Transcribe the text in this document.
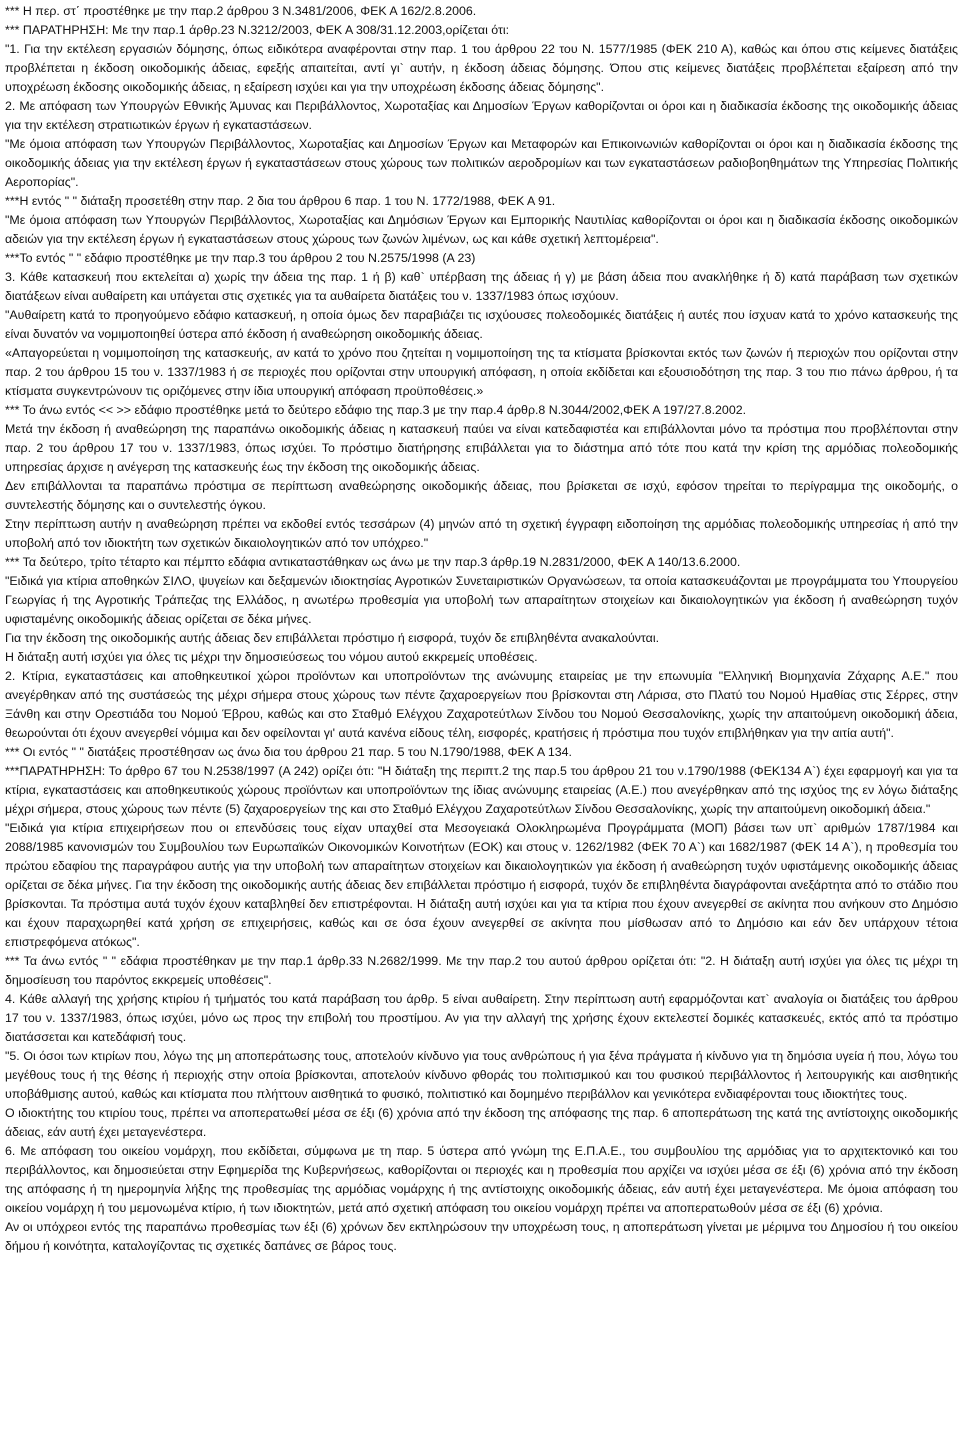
*** Η περ. στ΄ προστέθηκε με την παρ.2 άρθρου 3 Ν.3481/2006, ΦΕΚ Α 162/2.8.2006.

*** ΠΑΡΑΤΗΡΗΣΗ: Με την παρ.1 άρθρ.23 Ν.3212/2003, ΦΕΚ Α 308/31.12.2003,ορίζεται ότι:

"1. Για την εκτέλεση εργασιών δόμησης, όπως ειδικότερα αναφέρονται στην παρ. 1 του άρθρου 22 του Ν. 1577/1985 (ΦΕΚ 210 Α), καθώς και όπου στις κείμενες διατάξεις προβλέπεται η έκδοση οικοδομικής άδειας, εφεξής απαιτείται, αντί γι` αυτήν, η έκδοση άδειας δόμησης. Όπου στις κείμενες διατάξεις προβλέπεται εξαίρεση από την υποχρέωση έκδοσης οικοδομικής άδειας, η εξαίρεση ισχύει και για την υποχρέωση έκδοσης άδειας δόμησης".

2. Με απόφαση των Υπουργών Εθνικής Άμυνας και Περιβάλλοντος, Χωροταξίας και Δημοσίων Έργων καθορίζονται οι όροι και η διαδικασία έκδοσης της οικοδομικής άδειας για την εκτέλεση στρατιωτικών έργων ή εγκαταστάσεων.

"Με όμοια απόφαση των Υπουργών Περιβάλλοντος, Χωροταξίας και Δημοσίων Έργων και Μεταφορών και Επικοινωνιών καθορίζονται οι όροι και η διαδικασία έκδοσης της οικοδομικής άδειας για την εκτέλεση έργων ή εγκαταστάσεων στους χώρους των πολιτικών αεροδρομίων και των εγκαταστάσεων ραδιοβοηθημάτων της Υπηρεσίας Πολιτικής Αεροπορίας".

***Η εντός " " διάταξη προσετέθη στην παρ. 2 δια του άρθρου 6 παρ. 1 του Ν. 1772/1988, ΦΕΚ Α 91.

"Με όμοια απόφαση των Υπουργών Περιβάλλοντος, Χωροταξίας και Δημόσιων Έργων και Εμπορικής Ναυτιλίας καθορίζονται οι όροι και η διαδικασία έκδοσης οικοδομικών αδειών για την εκτέλεση έργων ή εγκαταστάσεων στους χώρους των ζωνών λιμένων, ως και κάθε σχετική λεπτομέρεια".

***Το εντός " " εδάφιο προστέθηκε με την παρ.3 του άρθρου 2 του Ν.2575/1998 (Α 23)

3. Κάθε κατασκευή που εκτελείται α) χωρίς την άδεια της παρ. 1 ή β) καθ` υπέρβαση της άδειας ή γ) με βάση άδεια που ανακλήθηκε ή δ) κατά παράβαση των σχετικών διατάξεων είναι αυθαίρετη και υπάγεται στις σχετικές για τα αυθαίρετα διατάξεις του ν. 1337/1983 όπως ισχύουν.

"Αυθαίρετη κατά το προηγούμενο εδάφιο κατασκευή, η οποία όμως δεν παραβιάζει τις ισχύουσες πολεοδομικές διατάξεις ή αυτές που ίσχυαν κατά το χρόνο κατασκευής της είναι δυνατόν να νομιμοποιηθεί ύστερα από έκδοση ή αναθεώρηση οικοδομικής άδειας.

«Απαγορεύεται η νομιμοποίηση της κατασκευής, αν κατά το χρόνο που ζητείται η νομιμοποίηση της τα κτίσματα βρίσκονται εκτός των ζωνών ή περιοχών που ορίζονται στην παρ. 2 του άρθρου 15 του ν. 1337/1983 ή σε περιοχές που ορίζονται στην υπουργική απόφαση, η οποία εκδίδεται και εξουσιοδότηση της παρ. 3 του πιο πάνω άρθρου, ή τα κτίσματα συγκεντρώνουν τις οριζόμενες στην ίδια υπουργική απόφαση προϋποθέσεις.»

*** Το άνω εντός << >> εδάφιο προστέθηκε μετά το δεύτερο εδάφιο της παρ.3 με την παρ.4 άρθρ.8 Ν.3044/2002,ΦΕΚ Α 197/27.8.2002.

Μετά την έκδοση ή αναθεώρηση της παραπάνω οικοδομικής άδειας η κατασκευή παύει να είναι κατεδαφιστέα και επιβάλλονται μόνο τα πρόστιμα που προβλέπονται στην παρ. 2 του άρθρου 17 του ν. 1337/1983, όπως ισχύει. Το πρόστιμο διατήρησης επιβάλλεται για το διάστημα από τότε που κατά την κρίση της αρμόδιας πολεοδομικής υπηρεσίας άρχισε η ανέγερση της κατασκευής έως την έκδοση της οικοδομικής άδειας.

Δεν επιβάλλονται τα παραπάνω πρόστιμα σε περίπτωση αναθεώρησης οικοδομικής άδειας, που βρίσκεται σε ισχύ, εφόσον τηρείται το περίγραμμα της οικοδομής, ο συντελεστής δόμησης και ο συντελεστής όγκου.

Στην περίπτωση αυτήν η αναθεώρηση πρέπει να εκδοθεί εντός τεσσάρων (4) μηνών από τη σχετική έγγραφη ειδοποίηση της αρμόδιας πολεοδομικής υπηρεσίας ή από την υποβολή από τον ιδιοκτήτη των σχετικών δικαιολογητικών από τον υπόχρεο."

*** Τα δεύτερο, τρίτο τέταρτο και πέμπτο εδάφια αντικαταστάθηκαν ως άνω με την παρ.3 άρθρ.19 Ν.2831/2000, ΦΕΚ Α 140/13.6.2000.

"Ειδικά για κτίρια αποθηκών ΣΙΛΟ, ψυγείων και δεξαμενών ιδιοκτησίας Αγροτικών Συνεταιριστικών Οργανώσεων, τα οποία κατασκευάζονται με προγράμματα του Υπουργείου Γεωργίας ή της Αγροτικής Τράπεζας της Ελλάδος, η ανωτέρω προθεσμία για υποβολή των απαραίτητων στοιχείων και δικαιολογητικών για έκδοση ή αναθεώρηση τυχόν υφισταμένης οικοδομικής άδειας ορίζεται σε δέκα μήνες.

Για την έκδοση της οικοδομικής αυτής άδειας δεν επιβάλλεται πρόστιμο ή εισφορά, τυχόν δε επιβληθέντα ανακαλούνται.

Η διάταξη αυτή ισχύει για όλες τις μέχρι την δημοσιεύσεως του νόμου αυτού εκκρεμείς υποθέσεις.

2. Κτίρια, εγκαταστάσεις και αποθηκευτικοί χώροι προϊόντων και υποπροϊόντων της ανώνυμης εταιρείας με την επωνυμία "Ελληνική Βιομηχανία Ζάχαρης Α.Ε." που ανεγέρθηκαν από της συστάσεώς της μέχρι σήμερα στους χώρους των πέντε ζαχαροεργείων που βρίσκονται στη Λάρισα, στο Πλατύ του Νομού Ημαθίας στις Σέρρες, στην Ξάνθη και στην Ορεστιάδα του Νομού Έβρου, καθώς και στο Σταθμό Ελέγχου Ζαχαροτεύτλων Σίνδου του Νομού Θεσσαλονίκης, χωρίς την απαιτούμενη οικοδομική άδεια, θεωρούνται ότι έχουν ανεγερθεί νόμιμα και δεν οφείλονται γι' αυτά κανένα είδους τέλη, εισφορές, κρατήσεις ή πρόστιμα που τυχόν επιβλήθηκαν για την αιτία αυτή".

*** Οι εντός " " διατάξεις προστέθησαν ως άνω δια του άρθρου 21 παρ. 5 του Ν.1790/1988, ΦΕΚ Α 134.

***ΠΑΡΑΤΗΡΗΣΗ: Το άρθρο 67 του Ν.2538/1997 (Α 242) ορίζει ότι: "Η διάταξη της περιπτ.2 της παρ.5 του άρθρου 21 του ν.1790/1988 (ΦΕΚ134 Α`) έχει εφαρμογή και για τα κτίρια, εγκαταστάσεις και αποθηκευτικούς χώρους προϊόντων και υποπροϊόντων της ίδιας ανώνυμης εταιρείας (Α.Ε.) που ανεγέρθηκαν από της ισχύος της εν λόγω διάταξης μέχρι σήμερα, στους χώρους των πέντε (5) ζαχαροεργείων της και στο Σταθμό Ελέγχου Ζαχαροτεύτλων Σίνδου Θεσσαλονίκης, χωρίς την απαιτούμενη οικοδομική άδεια."

"Ειδικά για κτίρια επιχειρήσεων που οι επενδύσεις τους είχαν υπαχθεί στα Μεσογειακά Ολοκληρωμένα Προγράμματα (ΜΟΠ) βάσει των υπ` αριθμών 1787/1984 και 2088/1985 κανονισμών του Συμβουλίου των Ευρωπαϊκών Οικονομικών Κοινοτήτων (ΕΟΚ) και στους ν. 1262/1982 (ΦΕΚ 70 Α`) και 1682/1987 (ΦΕΚ 14 Α`), η προθεσμία του πρώτου εδαφίου της παραγράφου αυτής για την υποβολή των απαραίτητων στοιχείων και δικαιολογητικών για έκδοση ή αναθεώρηση τυχόν υφιστάμενης οικοδομικής άδειας ορίζεται σε δέκα μήνες. Για την έκδοση της οικοδομικής αυτής άδειας δεν επιβάλλεται πρόστιμο ή εισφορά, τυχόν δε επιβληθέντα διαγράφονται ανεξάρτητα από το στάδιο που βρίσκονται. Τα πρόστιμα αυτά τυχόν έχουν καταβληθεί δεν επιστρέφονται. Η διάταξη αυτή ισχύει και για τα κτίρια που έχουν ανεγερθεί σε ακίνητα που ανήκουν στο Δημόσιο και έχουν παραχωρηθεί κατά χρήση σε επιχειρήσεις, καθώς και σε όσα έχουν ανεγερθεί σε ακίνητα που μίσθωσαν από το Δημόσιο και εάν δεν υπάρχουν τέτοια επιστρεφόμενα ατόκως".

*** Τα άνω εντός " " εδάφια προστέθηκαν με την παρ.1 άρθρ.33 Ν.2682/1999. Με την παρ.2 του αυτού άρθρου ορίζεται ότι: "2. Η διάταξη αυτή ισχύει για όλες τις μέχρι τη δημοσίευση του παρόντος εκκρεμείς υποθέσεις".

4. Κάθε αλλαγή της χρήσης κτιρίου ή τμήματός του κατά παράβαση του άρθρ. 5 είναι αυθαίρετη. Στην περίπτωση αυτή εφαρμόζονται κατ` αναλογία οι διατάξεις του άρθρου 17 του ν. 1337/1983, όπως ισχύει, μόνο ως προς την επιβολή του προστίμου. Αν για την αλλαγή της χρήσης έχουν εκτελεστεί δομικές κατασκευές, εκτός από τα πρόστιμο διατάσσεται και κατεδάφισή τους.

"5. Οι όσοι των κτιρίων που, λόγω της μη αποπεράτωσης τους, αποτελούν κίνδυνο για τους ανθρώπους ή για ξένα πράγματα ή κίνδυνο για τη δημόσια υγεία ή που, λόγω του μεγέθους τους ή της θέσης ή περιοχής στην οποία βρίσκονται, αποτελούν κίνδυνο φθοράς του πολιτισμικού και του φυσικού περιβάλλοντος ή λειτουργικής και αισθητικής υποβάθμισης αυτού, καθώς και κτίσματα που πλήττουν αισθητικά το φυσικό, πολιτιστικό και δομημένο περιβάλλον και γενικότερα ενδιαφέρονται τους ιδιοκτήτες τους.

Ο ιδιοκτήτης του κτιρίου τους, πρέπει να αποπερατωθεί μέσα σε έξι (6) χρόνια από την έκδοση της απόφασης της παρ. 6 αποπεράτωση της κατά της αντίστοιχης οικοδομικής άδειας, εάν αυτή έχει μεταγενέστερα.

6. Με απόφαση του οικείου νομάρχη, που εκδίδεται, σύμφωνα με τη παρ. 5 ύστερα από γνώμη της Ε.Π.Α.Ε., του συμβουλίου της αρμόδιας για το αρχιτεκτονικό και του περιβάλλοντος, και δημοσιεύεται στην Εφημερίδα της Κυβερνήσεως, καθορίζονται οι περιοχές και η προθεσμία που αρχίζει να ισχύει μέσα σε έξι (6) χρόνια από την έκδοση της απόφασης ή τη ημερομηνία λήξης της προθεσμίας της αρμόδιας νομάρχης ή της αντίστοιχης οικοδομικής άδειας, εάν αυτή έχει μεταγενέστερα. Με όμοια απόφαση του οικείου νομάρχη ή του μεμονωμένα κτίριο, ή των ιδιοκτητών, μετά από σχετική απόφαση του οικείου νομάρχη πρέπει να αποπερατωθούν μέσα σε έξι (6) χρόνια.

Αν οι υπόχρεοι εντός της παραπάνω προθεσμίας των έξι (6) χρόνων δεν εκπληρώσουν την υποχρέωση τους, η αποπεράτωση γίνεται με μέριμνα του Δημοσίου ή του οικείου δήμου ή κοινότητα, καταλογίζοντας τις σχετικές δαπάνες σε βάρος τους.
